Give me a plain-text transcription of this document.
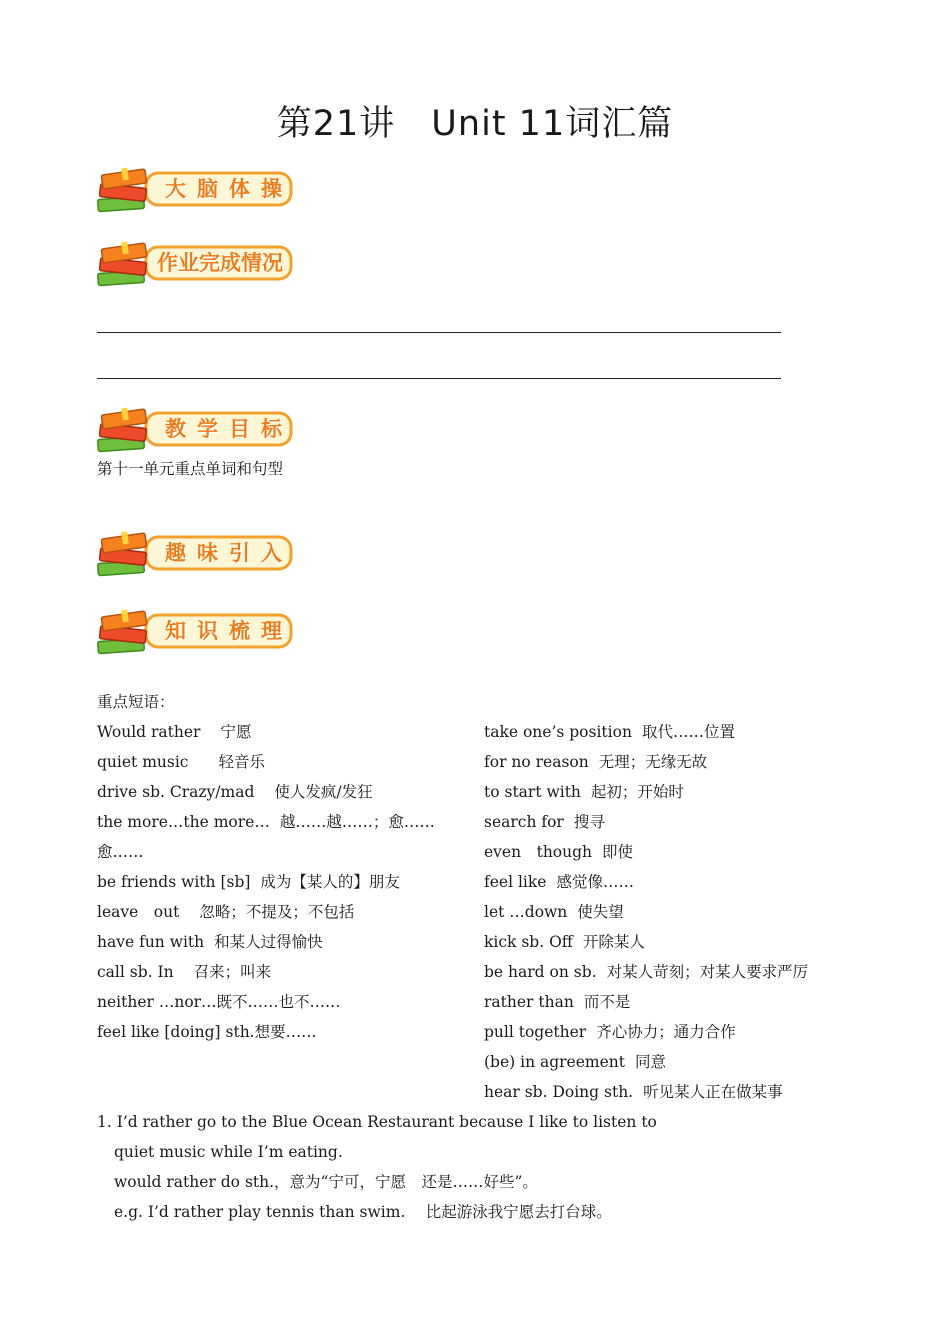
第21讲　Unit 11词汇篇
大脑体操
作业完成情况
教学目标
第十一单元重点单词和句型
趣味引入
知识梳理
重点短语：
Would rather 宁愿
quiet music 轻音乐
drive sb. Crazy/mad 使人发疯/发狂
the more…the more… 越……越……；愈……
愈……
be friends with [sb] 成为【某人的】朋友
leave　out 忽略；不提及；不包括
have fun with 和某人过得愉快
call sb. In 召来；叫来
neither …nor…既不……也不……
feel like [doing] sth.想要……
take one’s position 取代……位置
for no reason 无理；无缘无故
to start with 起初；开始时
search for 搜寻
even　though 即使
feel like 感觉像……
let …down 使失望
kick sb. Off 开除某人
be hard on sb. 对某人苛刻；对某人要求严厉
rather than 而不是
pull together 齐心协力；通力合作
(be) in agreement 同意
hear sb. Doing sth. 听见某人正在做某事
1. I’d rather go to the Blue Ocean Restaurant because I like to listen to
quiet music while I’m eating.
would rather do sth.，意为“宁可，宁愿　还是……好些”。
e.g. I’d rather play tennis than swim.　 比起游泳我宁愿去打台球。
